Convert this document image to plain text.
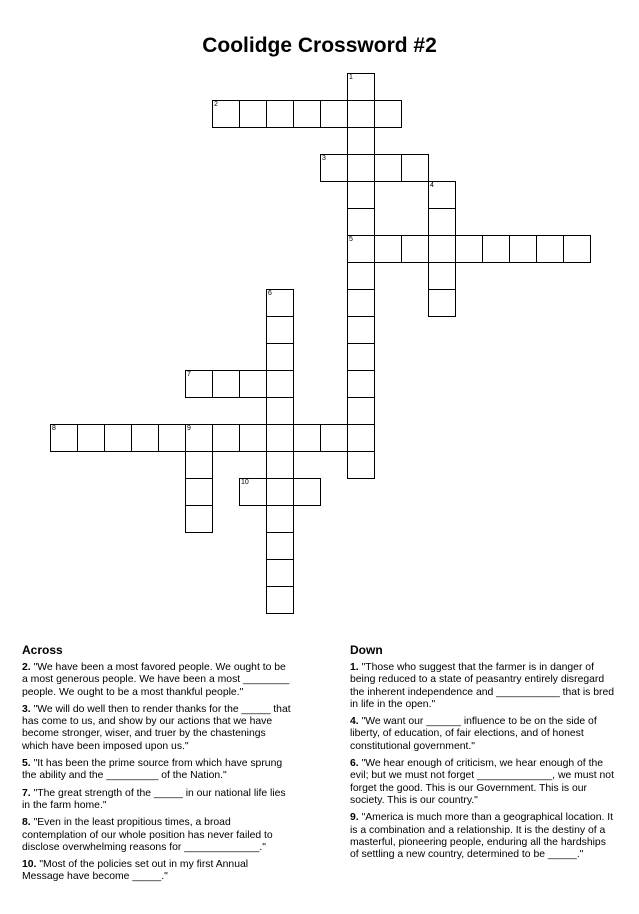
Coolidge Crossword #2
1
5
2
3
4
6
7
8	9
10
Across
2. "We have been a most favored people. We ought to be a most generous people. We have been a most ________ people. We ought to be a most thankful people."
3. "We will do well then to render thanks for the _____ that has come to us, and show by our actions that we have become stronger, wiser, and truer by the chastenings which have been imposed upon us."
5. "It has been the prime source from which have sprung the ability and the _________ of the Nation."
7. "The great strength of the _____ in our national life lies in the farm home."
8. "Even in the least propitious times, a broad contemplation of our whole position has never failed to disclose overwhelming reasons for _____________."
10. "Most of the policies set out in my first Annual Message have become _____."
Down
1. "Those who suggest that the farmer is in danger of being reduced to a state of peasantry entirely disregard the inherent independence and ___________ that is bred in life in the open."
4. "We want our ______ influence to be on the side of liberty, of education, of fair elections, and of honest constitutional government."
6. "We hear enough of criticism, we hear enough of the evil; but we must not forget _____________, we must not forget the good. This is our Government. This is our society. This is our country."
9. "America is much more than a geographical location. It is a combination and a relationship. It is the destiny of a masterful, pioneering people, enduring all the hardships of settling a new country, determined to be _____."
